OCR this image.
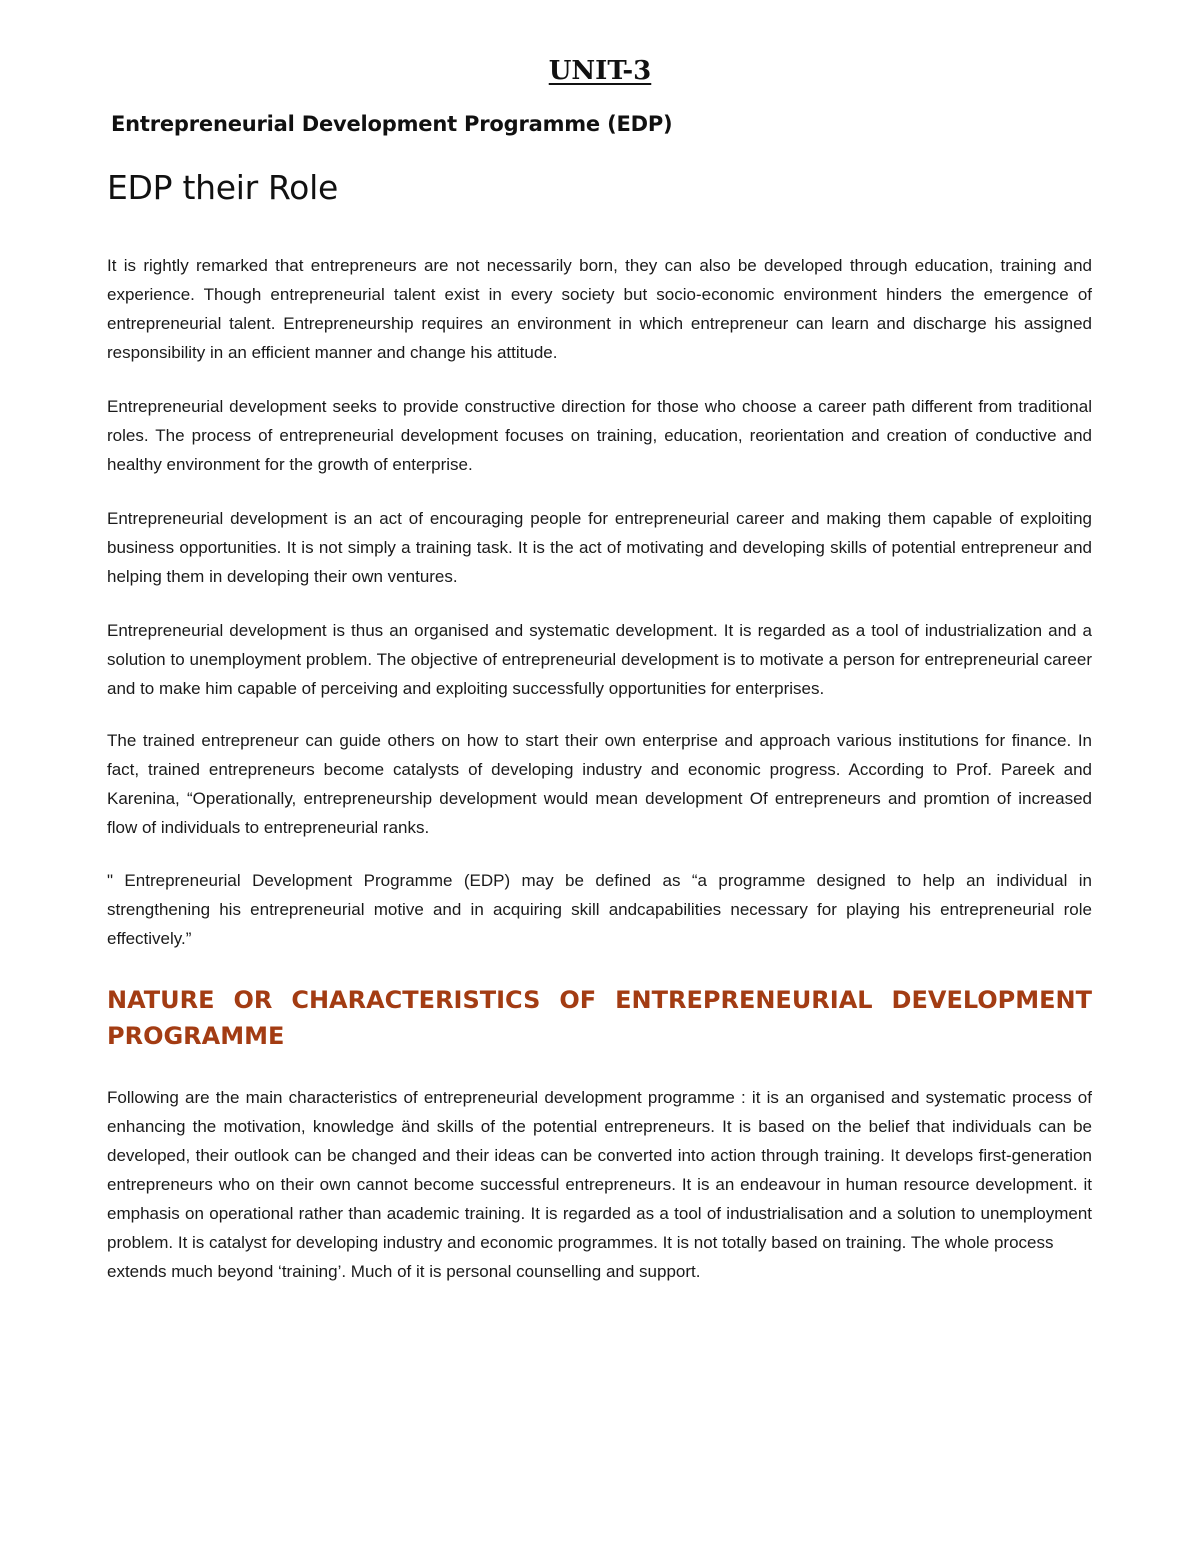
UNIT-3
Entrepreneurial Development Programme (EDP)
EDP their Role

It is rightly remarked that entrepreneurs are not necessarily born, they can also be developed through education, training and experience. Though entrepreneurial talent exist in every society but socio-economic environment hinders the emergence of entrepreneurial talent. Entrepreneurship requires an environment in which entrepreneur can learn and discharge his assigned responsibility in an efficient manner and change his attitude.

Entrepreneurial development seeks to provide constructive direction for those who choose a career path different from traditional roles. The process of entrepreneurial development focuses on training, education, reorientation and creation of conductive and healthy environment for the growth of enterprise.

Entrepreneurial development is an act of encouraging people for entrepreneurial career and making them capable of exploiting business opportunities. It is not simply a training task. It is the act of motivating and developing skills of potential entrepreneur and helping them in developing their own ventures.

Entrepreneurial development is thus an organised and systematic development. It is regarded as a tool of industrialization and a solution to unemployment problem. The objective of entrepreneurial development is to motivate a person for entrepreneurial career and to make him capable of perceiving and exploiting successfully opportunities for enterprises.

The trained entrepreneur can guide others on how to start their own enterprise and approach various institutions for finance. In fact, trained entrepreneurs become catalysts of developing industry and economic progress. According to Prof. Pareek and Karenina, “Operationally, entrepreneurship development would mean development Of entrepreneurs and promtion of increased flow of individuals to entrepreneurial ranks.

" Entrepreneurial Development Programme (EDP) may be defined as “a programme designed to help an individual in strengthening his entrepreneurial motive and in acquiring skill andcapabilities necessary for playing his entrepreneurial role effectively.”

NATURE OR CHARACTERISTICS OF ENTREPRENEURIAL DEVELOPMENT PROGRAMME

Following are the main characteristics of entrepreneurial development programme : it is an organised and systematic process of enhancing the motivation, knowledge änd skills of the potential entrepreneurs. It is based on the belief that individuals can be developed, their outlook can be changed and their ideas can be converted into action through training. It develops first-generation entrepreneurs who on their own cannot become successful entrepreneurs. It is an endeavour in human resource development. it emphasis on operational rather than academic training. It is regarded as a tool of industrialisation and a solution to unemployment problem. It is catalyst for developing industry and economic programmes. It is not totally based on training. The whole process
extends much beyond ‘training’. Much of it is personal counselling and support.
